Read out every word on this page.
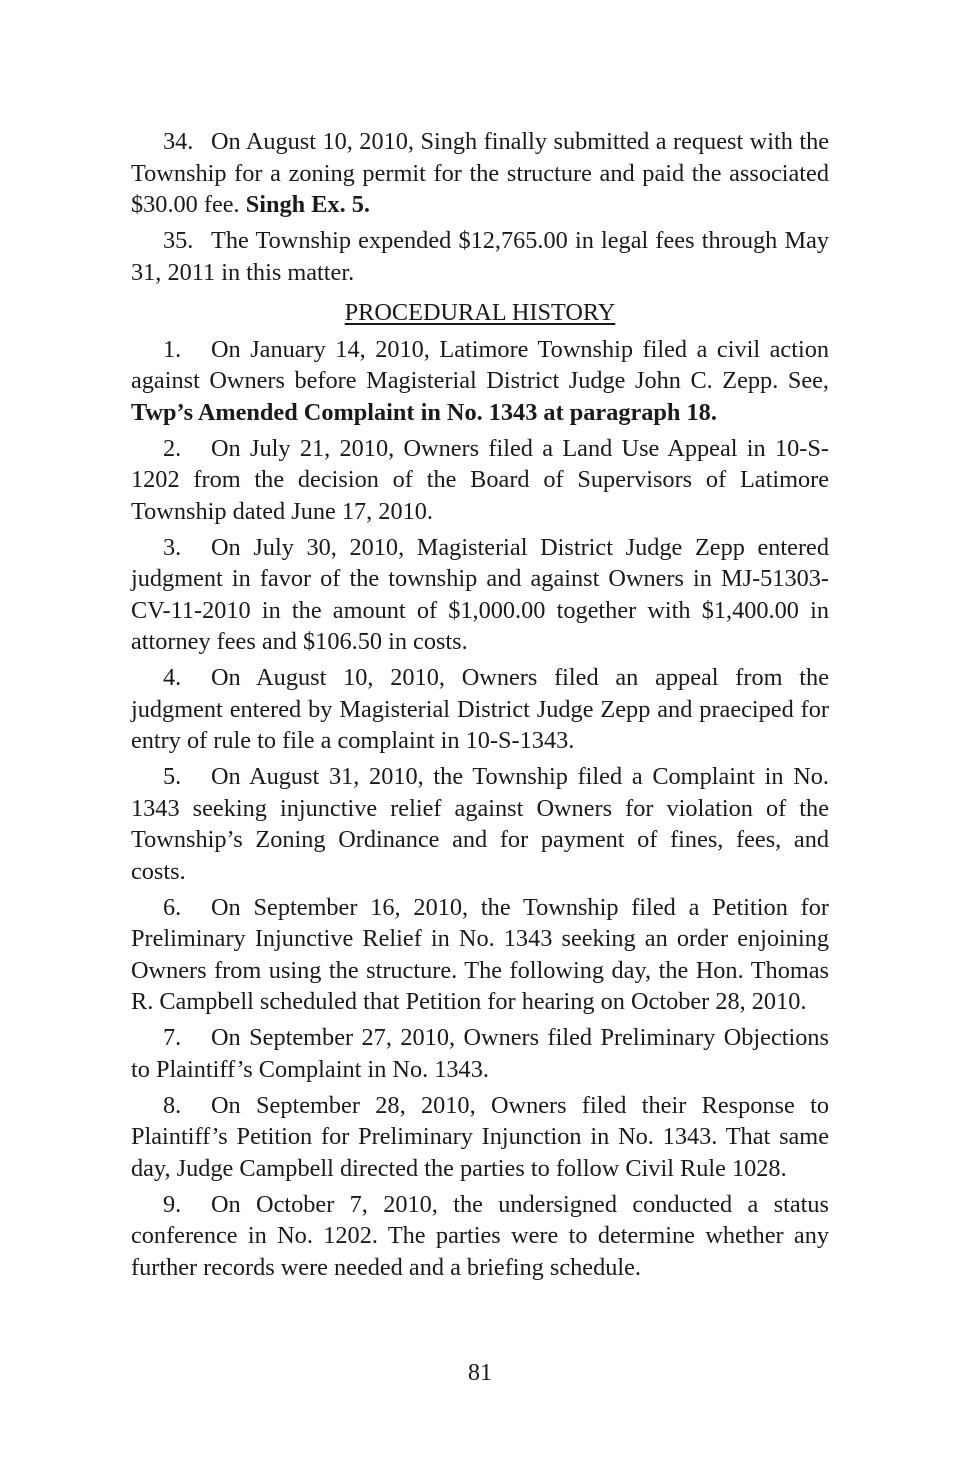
34. On August 10, 2010, Singh finally submitted a request with the Township for a zoning permit for the structure and paid the associated $30.00 fee. Singh Ex. 5.

35. The Township expended $12,765.00 in legal fees through May 31, 2011 in this matter.

PROCEDURAL HISTORY

1. On January 14, 2010, Latimore Township filed a civil action against Owners before Magisterial District Judge John C. Zepp. See, Twp’s Amended Complaint in No. 1343 at paragraph 18.

2. On July 21, 2010, Owners filed a Land Use Appeal in 10-S-1202 from the decision of the Board of Supervisors of Latimore Township dated June 17, 2010.

3. On July 30, 2010, Magisterial District Judge Zepp entered judgment in favor of the township and against Owners in MJ-51303-CV-11-2010 in the amount of $1,000.00 together with $1,400.00 in attorney fees and $106.50 in costs.

4. On August 10, 2010, Owners filed an appeal from the judgment entered by Magisterial District Judge Zepp and praeciped for entry of rule to file a complaint in 10-S-1343.

5. On August 31, 2010, the Township filed a Complaint in No. 1343 seeking injunctive relief against Owners for violation of the Township’s Zoning Ordinance and for payment of fines, fees, and costs.

6. On September 16, 2010, the Township filed a Petition for Preliminary Injunctive Relief in No. 1343 seeking an order enjoining Owners from using the structure. The following day, the Hon. Thomas R. Campbell scheduled that Petition for hearing on October 28, 2010.

7. On September 27, 2010, Owners filed Preliminary Objections to Plaintiff’s Complaint in No. 1343.

8. On September 28, 2010, Owners filed their Response to Plaintiff’s Petition for Preliminary Injunction in No. 1343. That same day, Judge Campbell directed the parties to follow Civil Rule 1028.

9. On October 7, 2010, the undersigned conducted a status conference in No. 1202. The parties were to determine whether any further records were needed and a briefing schedule.

81
